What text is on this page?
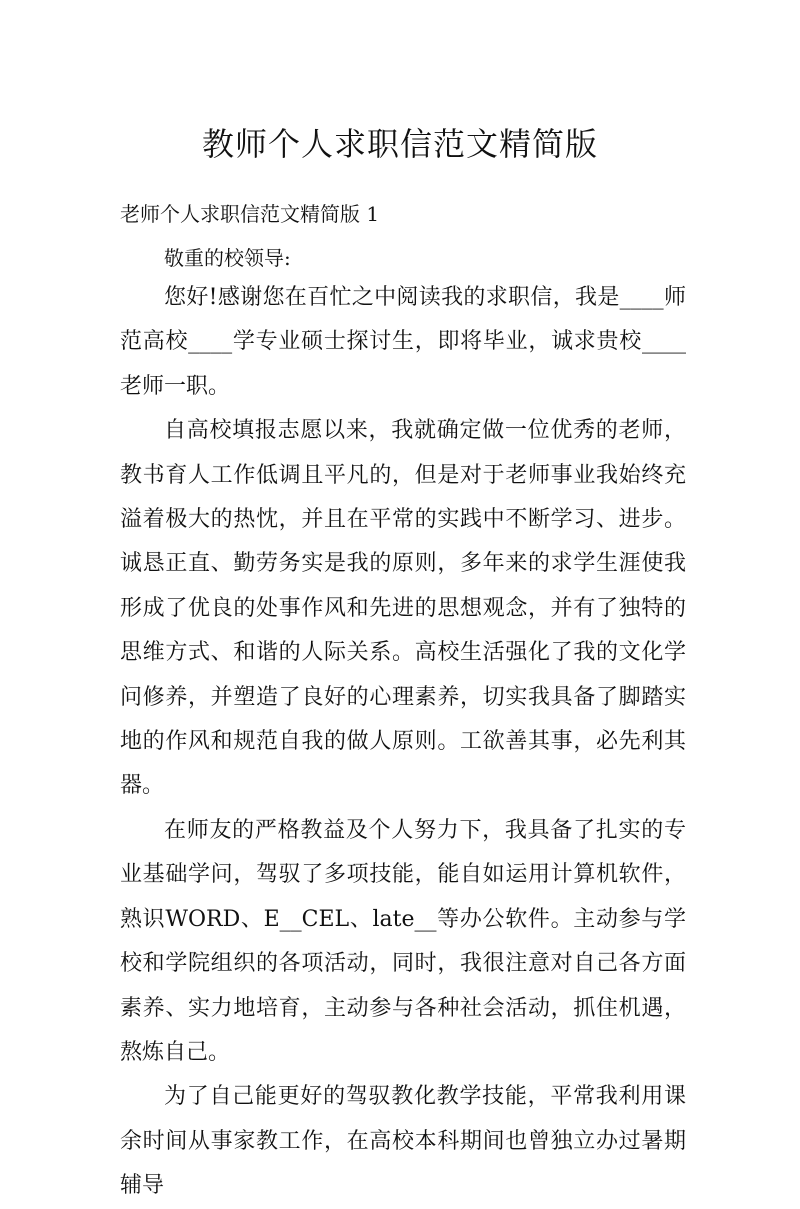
教师个人求职信范文精简版
老师个人求职信范文精简版 1

敬重的校领导:

您好!感谢您在百忙之中阅读我的求职信，我是____师范高校____学专业硕士探讨生，即将毕业，诚求贵校____老师一职。

自高校填报志愿以来，我就确定做一位优秀的老师，教书育人工作低调且平凡的，但是对于老师事业我始终充溢着极大的热忱，并且在平常的实践中不断学习、进步。诚恳正直、勤劳务实是我的原则，多年来的求学生涯使我形成了优良的处事作风和先进的思想观念，并有了独特的思维方式、和谐的人际关系。高校生活强化了我的文化学问修养，并塑造了良好的心理素养，切实我具备了脚踏实地的作风和规范自我的做人原则。工欲善其事，必先利其器。

在师友的严格教益及个人努力下，我具备了扎实的专业基础学问，驾驭了多项技能，能自如运用计算机软件，熟识WORD、E__CEL、late__等办公软件。主动参与学校和学院组织的各项活动，同时，我很注意对自己各方面素养、实力地培育，主动参与各种社会活动，抓住机遇，熬炼自己。

为了自己能更好的驾驭教化教学技能，平常我利用课余时间从事家教工作，在高校本科期间也曾独立办过暑期辅导
